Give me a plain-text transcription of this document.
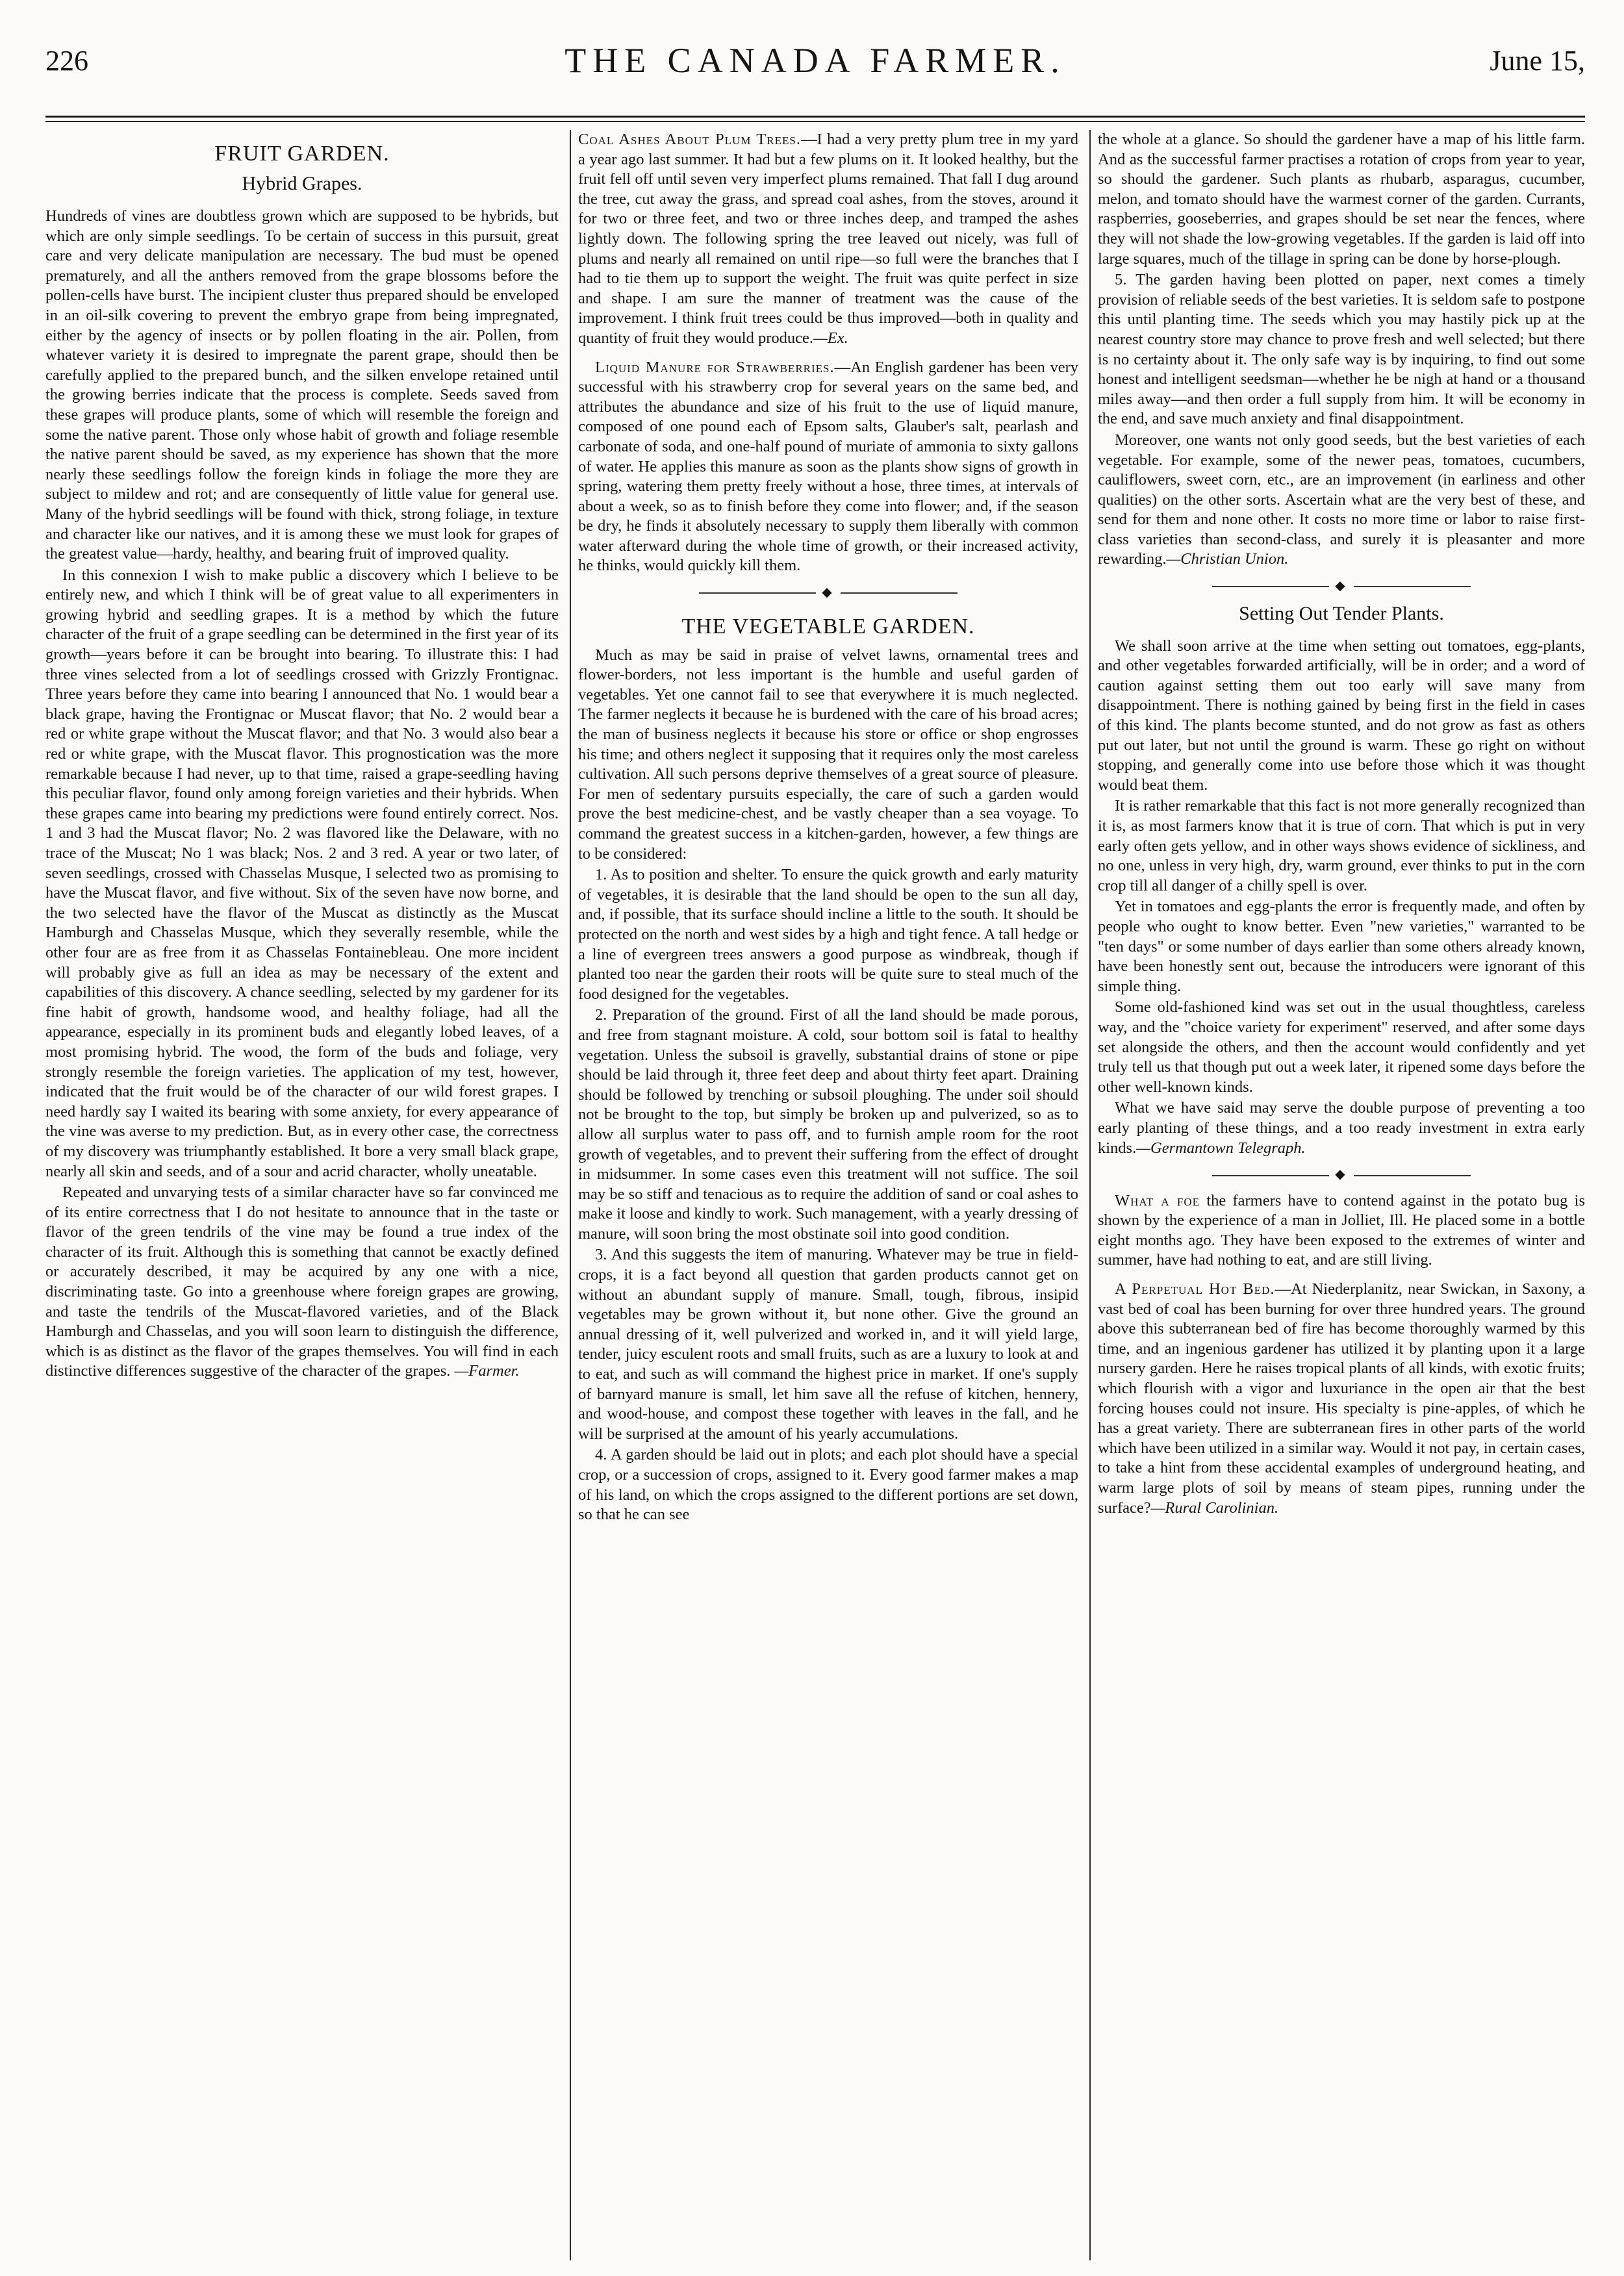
226	THE CANADA FARMER.	June 15,
FRUIT GARDEN.
Hybrid Grapes.

Hundreds of vines are doubtless grown which are supposed to be hybrids, but which are only simple seedlings. To be certain of success in this pursuit, great care and very delicate manipulation are necessary. The bud must be opened prematurely, and all the anthers removed from the grape blossoms before the pollen-cells have burst. The incipient cluster thus prepared should be enveloped in an oil-silk covering to prevent the embryo grape from being impregnated, either by the agency of insects or by pollen floating in the air. Pollen, from whatever variety it is desired to impregnate the parent grape, should then be carefully applied to the prepared bunch, and the silken envelope retained until the growing berries indicate that the process is complete. Seeds saved from these grapes will produce plants, some of which will resemble the foreign and some the native parent. Those only whose habit of growth and foliage resemble the native parent should be saved, as my experience has shown that the more nearly these seedlings follow the foreign kinds in foliage the more they are subject to mildew and rot; and are consequently of little value for general use. Many of the hybrid seedlings will be found with thick, strong foliage, in texture and character like our natives, and it is among these we must look for grapes of the greatest value—hardy, healthy, and bearing fruit of improved quality.

In this connexion I wish to make public a discovery which I believe to be entirely new, and which I think will be of great value to all experimenters in growing hybrid and seedling grapes. It is a method by which the future character of the fruit of a grape seedling can be determined in the first year of its growth—years before it can be brought into bearing. To illustrate this: I had three vines selected from a lot of seedlings crossed with Grizzly Frontignac. Three years before they came into bearing I announced that No. 1 would bear a black grape, having the Frontignac or Muscat flavor; that No. 2 would bear a red or white grape without the Muscat flavor; and that No. 3 would also bear a red or white grape, with the Muscat flavor. This prognostication was the more remarkable because I had never, up to that time, raised a grape-seedling having this peculiar flavor, found only among foreign varieties and their hybrids. When these grapes came into bearing my predictions were found entirely correct. Nos. 1 and 3 had the Muscat flavor; No. 2 was flavored like the Delaware, with no trace of the Muscat; No 1 was black; Nos. 2 and 3 red. A year or two later, of seven seedlings, crossed with Chasselas Musque, I selected two as promising to have the Muscat flavor, and five without. Six of the seven have now borne, and the two selected have the flavor of the Muscat as distinctly as the Muscat Hamburgh and Chasselas Musque, which they severally resemble, while the other four are as free from it as Chasselas Fontainebleau. One more incident will probably give as full an idea as may be necessary of the extent and capabilities of this discovery. A chance seedling, selected by my gardener for its fine habit of growth, handsome wood, and healthy foliage, had all the appearance, especially in its prominent buds and elegantly lobed leaves, of a most promising hybrid. The wood, the form of the buds and foliage, very strongly resemble the foreign varieties. The application of my test, however, indicated that the fruit would be of the character of our wild forest grapes. I need hardly say I waited its bearing with some anxiety, for every appearance of the vine was averse to my prediction. But, as in every other case, the correctness of my discovery was triumphantly established. It bore a very small black grape, nearly all skin and seeds, and of a sour and acrid character, wholly uneatable.

Repeated and unvarying tests of a similar character have so far convinced me of its entire correctness that I do not hesitate to announce that in the taste or flavor of the green tendrils of the vine may be found a true index of the character of its fruit. Although this is something that cannot be exactly defined or accurately described, it may be acquired by any one with a nice, discriminating taste. Go into a greenhouse where foreign grapes are growing, and taste the tendrils of the Muscat-flavored varieties, and of the Black Hamburgh and Chasselas, and you will soon learn to distinguish the difference, which is as distinct as the flavor of the grapes themselves. You will find in each distinctive differences suggestive of the character of the grapes. —Farmer.

Coal Ashes About Plum Trees.—I had a very pretty plum tree in my yard a year ago last summer. It had but a few plums on it. It looked healthy, but the fruit fell off until seven very imperfect plums remained. That fall I dug around the tree, cut away the grass, and spread coal ashes, from the stoves, around it for two or three feet, and two or three inches deep, and tramped the ashes lightly down. The following spring the tree leaved out nicely, was full of plums and nearly all remained on until ripe—so full were the branches that I had to tie them up to support the weight. The fruit was quite perfect in size and shape. I am sure the manner of treatment was the cause of the improvement. I think fruit trees could be thus improved—both in quality and quantity of fruit they would produce.—Ex.

Liquid Manure for Strawberries.—An English gardener has been very successful with his strawberry crop for several years on the same bed, and attributes the abundance and size of his fruit to the use of liquid manure, composed of one pound each of Epsom salts, Glauber's salt, pearlash and carbonate of soda, and one-half pound of muriate of ammonia to sixty gallons of water. He applies this manure as soon as the plants show signs of growth in spring, watering them pretty freely without a hose, three times, at intervals of about a week, so as to finish before they come into flower; and, if the season be dry, he finds it absolutely necessary to supply them liberally with common water afterward during the whole time of growth, or their increased activity, he thinks, would quickly kill them.

◆
THE VEGETABLE GARDEN.

Much as may be said in praise of velvet lawns, ornamental trees and flower-borders, not less important is the humble and useful garden of vegetables. Yet one cannot fail to see that everywhere it is much neglected. The farmer neglects it because he is burdened with the care of his broad acres; the man of business neglects it because his store or office or shop engrosses his time; and others neglect it supposing that it requires only the most careless cultivation. All such persons deprive themselves of a great source of pleasure. For men of sedentary pursuits especially, the care of such a garden would prove the best medicine-chest, and be vastly cheaper than a sea voyage. To command the greatest success in a kitchen-garden, however, a few things are to be considered:

1. As to position and shelter. To ensure the quick growth and early maturity of vegetables, it is desirable that the land should be open to the sun all day, and, if possible, that its surface should incline a little to the south. It should be protected on the north and west sides by a high and tight fence. A tall hedge or a line of evergreen trees answers a good purpose as windbreak, though if planted too near the garden their roots will be quite sure to steal much of the food designed for the vegetables.

2. Preparation of the ground. First of all the land should be made porous, and free from stagnant moisture. A cold, sour bottom soil is fatal to healthy vegetation. Unless the subsoil is gravelly, substantial drains of stone or pipe should be laid through it, three feet deep and about thirty feet apart. Draining should be followed by trenching or subsoil ploughing. The under soil should not be brought to the top, but simply be broken up and pulverized, so as to allow all surplus water to pass off, and to furnish ample room for the root growth of vegetables, and to prevent their suffering from the effect of drought in midsummer. In some cases even this treatment will not suffice. The soil may be so stiff and tenacious as to require the addition of sand or coal ashes to make it loose and kindly to work. Such management, with a yearly dressing of manure, will soon bring the most obstinate soil into good condition.

3. And this suggests the item of manuring. Whatever may be true in field-crops, it is a fact beyond all question that garden products cannot get on without an abundant supply of manure. Small, tough, fibrous, insipid vegetables may be grown without it, but none other. Give the ground an annual dressing of it, well pulverized and worked in, and it will yield large, tender, juicy esculent roots and small fruits, such as are a luxury to look at and to eat, and such as will command the highest price in market. If one's supply of barnyard manure is small, let him save all the refuse of kitchen, hennery, and wood-house, and compost these together with leaves in the fall, and he will be surprised at the amount of his yearly accumulations.

4. A garden should be laid out in plots; and each plot should have a special crop, or a succession of crops, assigned to it. Every good farmer makes a map of his land, on which the crops assigned to the different portions are set down, so that he can see

the whole at a glance. So should the gardener have a map of his little farm. And as the successful farmer practises a rotation of crops from year to year, so should the gardener. Such plants as rhubarb, asparagus, cucumber, melon, and tomato should have the warmest corner of the garden. Currants, raspberries, gooseberries, and grapes should be set near the fences, where they will not shade the low-growing vegetables. If the garden is laid off into large squares, much of the tillage in spring can be done by horse-plough.

5. The garden having been plotted on paper, next comes a timely provision of reliable seeds of the best varieties. It is seldom safe to postpone this until planting time. The seeds which you may hastily pick up at the nearest country store may chance to prove fresh and well selected; but there is no certainty about it. The only safe way is by inquiring, to find out some honest and intelligent seedsman—whether he be nigh at hand or a thousand miles away—and then order a full supply from him. It will be economy in the end, and save much anxiety and final disappointment.

Moreover, one wants not only good seeds, but the best varieties of each vegetable. For example, some of the newer peas, tomatoes, cucumbers, cauliflowers, sweet corn, etc., are an improvement (in earliness and other qualities) on the other sorts. Ascertain what are the very best of these, and send for them and none other. It costs no more time or labor to raise first-class varieties than second-class, and surely it is pleasanter and more rewarding.—Christian Union.

◆
Setting Out Tender Plants.

We shall soon arrive at the time when setting out tomatoes, egg-plants, and other vegetables forwarded artificially, will be in order; and a word of caution against setting them out too early will save many from disappointment. There is nothing gained by being first in the field in cases of this kind. The plants become stunted, and do not grow as fast as others put out later, but not until the ground is warm. These go right on without stopping, and generally come into use before those which it was thought would beat them.

It is rather remarkable that this fact is not more generally recognized than it is, as most farmers know that it is true of corn. That which is put in very early often gets yellow, and in other ways shows evidence of sickliness, and no one, unless in very high, dry, warm ground, ever thinks to put in the corn crop till all danger of a chilly spell is over.

Yet in tomatoes and egg-plants the error is frequently made, and often by people who ought to know better. Even "new varieties," warranted to be "ten days" or some number of days earlier than some others already known, have been honestly sent out, because the introducers were ignorant of this simple thing.

Some old-fashioned kind was set out in the usual thoughtless, careless way, and the "choice variety for experiment" reserved, and after some days set alongside the others, and then the account would confidently and yet truly tell us that though put out a week later, it ripened some days before the other well-known kinds.

What we have said may serve the double purpose of preventing a too early planting of these things, and a too ready investment in extra early kinds.—Germantown Telegraph.

◆

What a foe the farmers have to contend against in the potato bug is shown by the experience of a man in Jolliet, Ill. He placed some in a bottle eight months ago. They have been exposed to the extremes of winter and summer, have had nothing to eat, and are still living.

A Perpetual Hot Bed.—At Niederplanitz, near Swickan, in Saxony, a vast bed of coal has been burning for over three hundred years. The ground above this subterranean bed of fire has become thoroughly warmed by this time, and an ingenious gardener has utilized it by planting upon it a large nursery garden. Here he raises tropical plants of all kinds, with exotic fruits; which flourish with a vigor and luxuriance in the open air that the best forcing houses could not insure. His specialty is pine-apples, of which he has a great variety. There are subterranean fires in other parts of the world which have been utilized in a similar way. Would it not pay, in certain cases, to take a hint from these accidental examples of underground heating, and warm large plots of soil by means of steam pipes, running under the surface?—Rural Carolinian.
